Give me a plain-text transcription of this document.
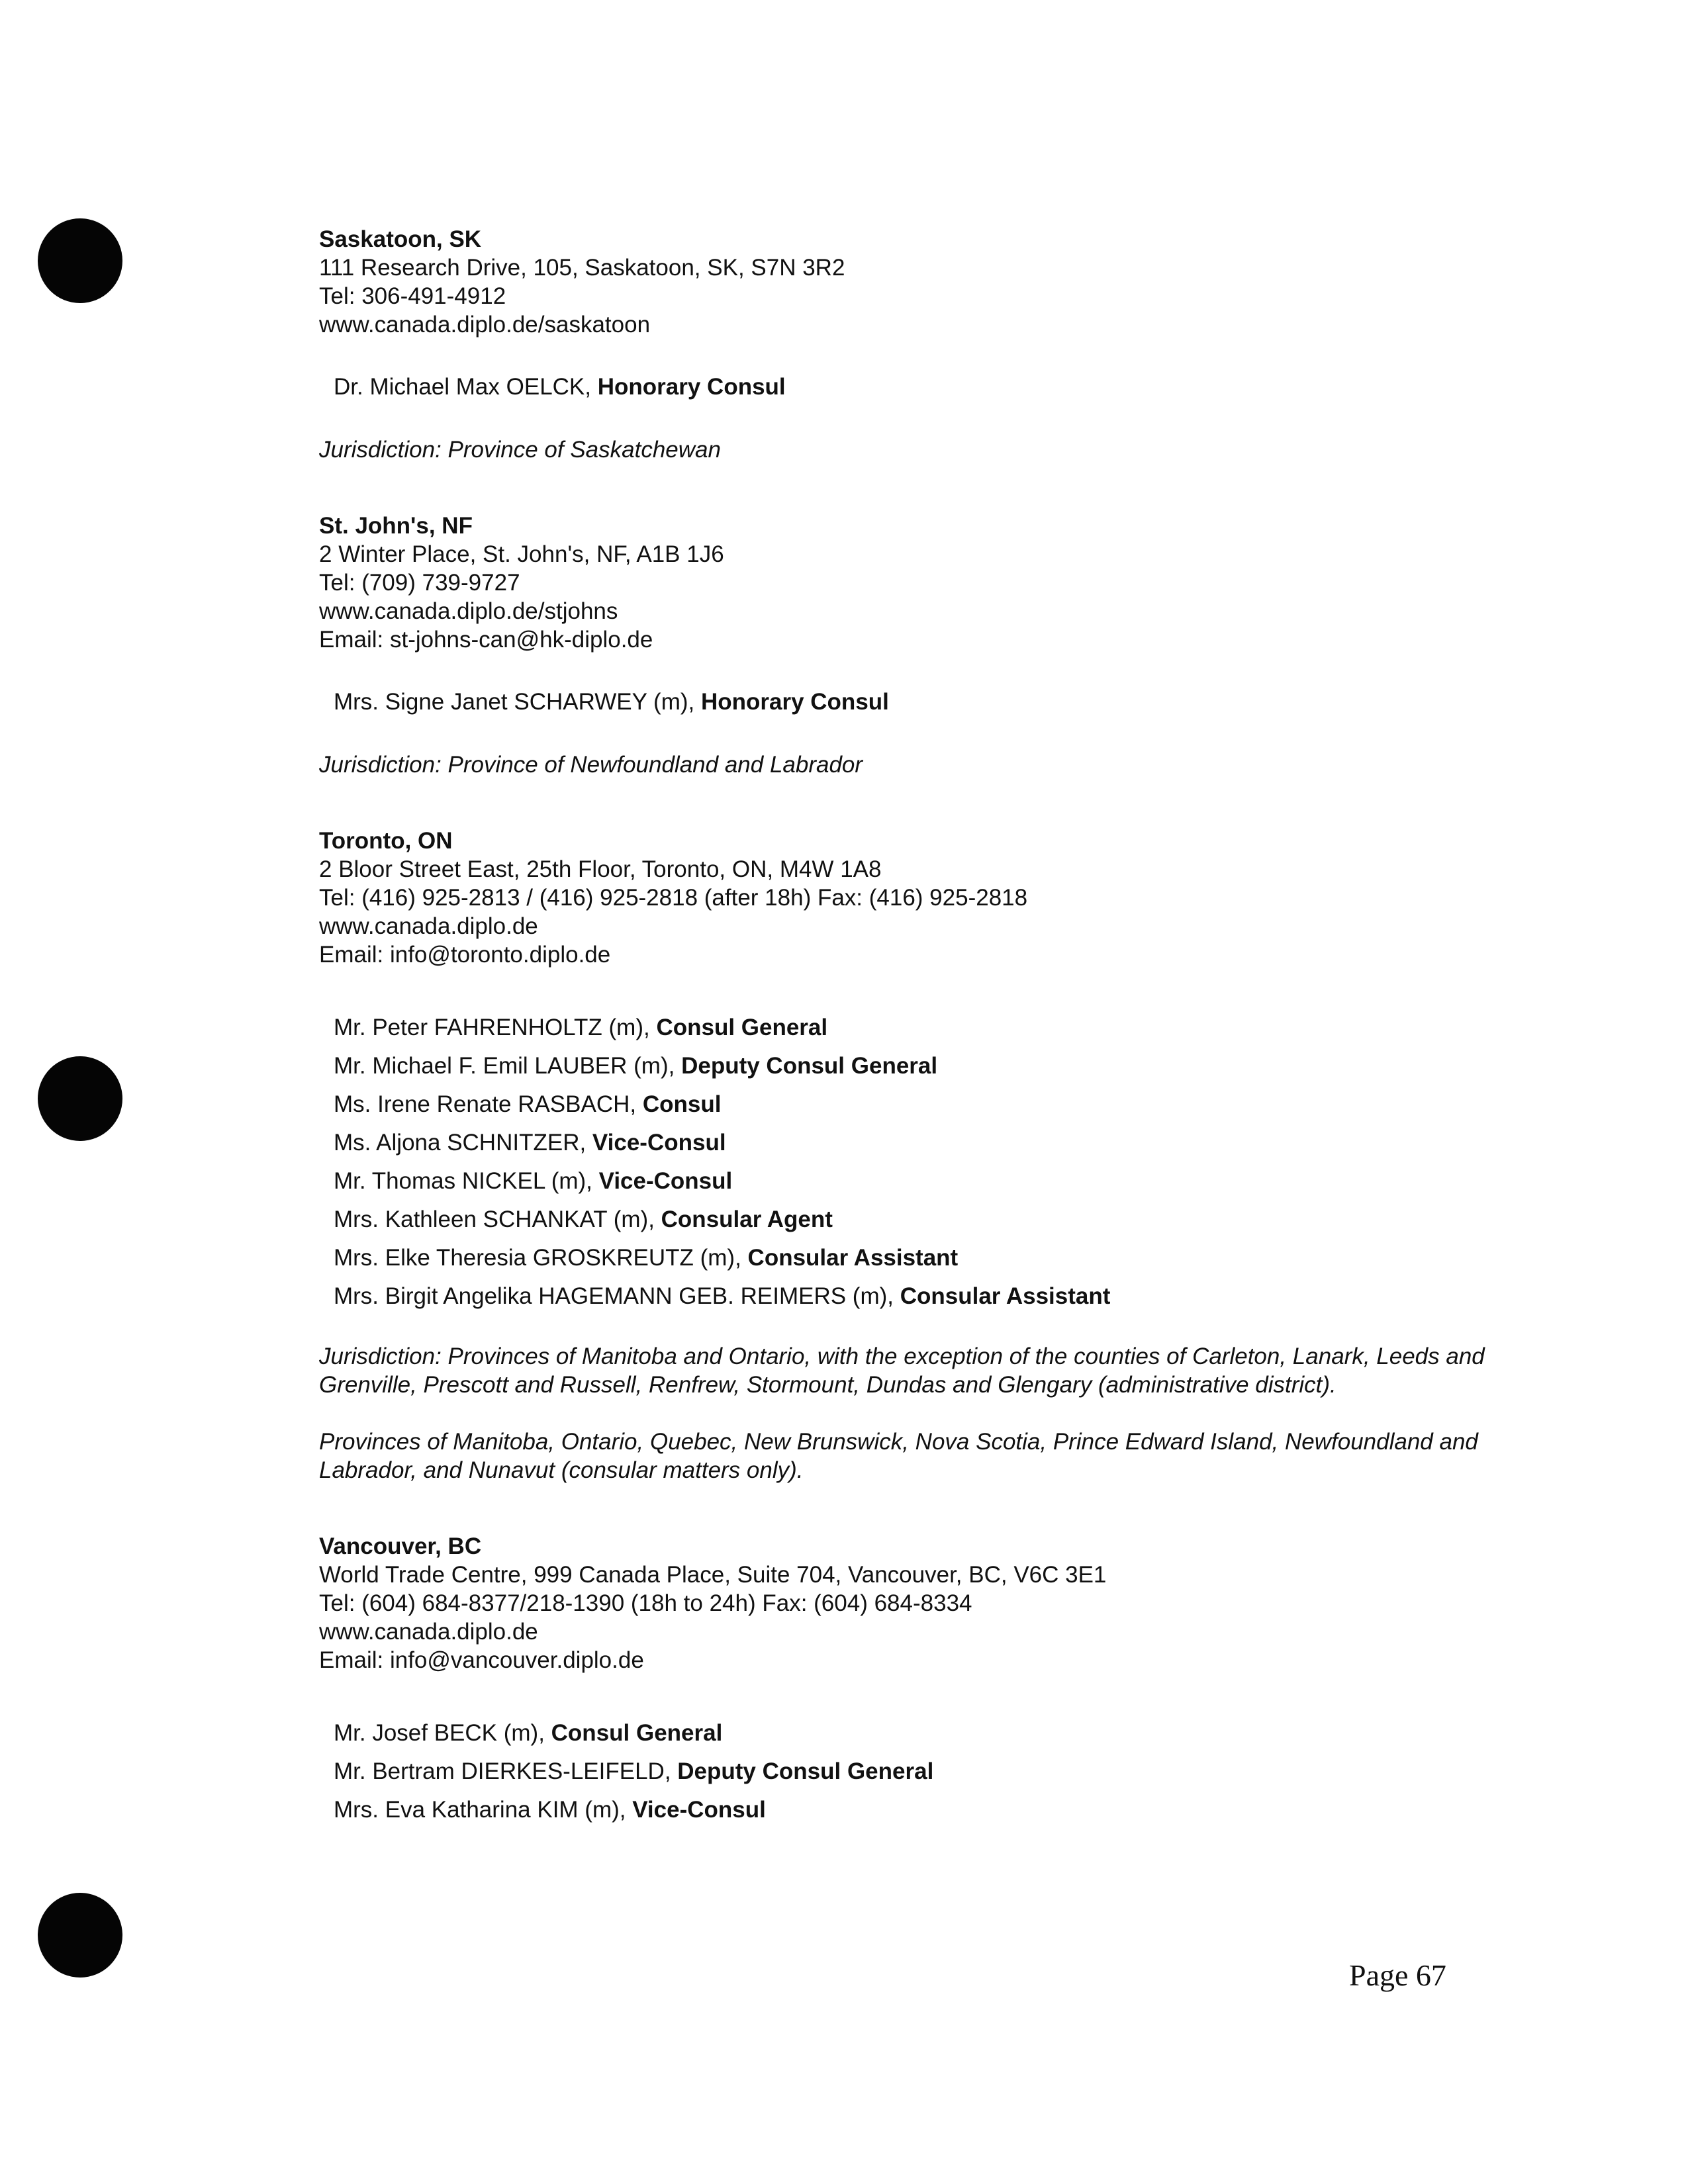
Saskatoon, SK
111 Research Drive, 105, Saskatoon, SK, S7N 3R2
Tel: 306-491-4912
www.canada.diplo.de/saskatoon
Dr. Michael Max OELCK, Honorary Consul
Jurisdiction: Province of Saskatchewan
St. John's, NF
2 Winter Place, St. John's, NF, A1B 1J6
Tel: (709) 739-9727
www.canada.diplo.de/stjohns
Email: st-johns-can@hk-diplo.de
Mrs. Signe Janet SCHARWEY (m), Honorary Consul
Jurisdiction: Province of Newfoundland and Labrador
Toronto, ON
2 Bloor Street East, 25th Floor, Toronto, ON, M4W 1A8
Tel: (416) 925-2813 / (416) 925-2818 (after 18h) Fax: (416) 925-2818
www.canada.diplo.de
Email: info@toronto.diplo.de
Mr. Peter FAHRENHOLTZ (m), Consul General
Mr. Michael F. Emil LAUBER (m), Deputy Consul General
Ms. Irene Renate RASBACH, Consul
Ms. Aljona SCHNITZER, Vice-Consul
Mr. Thomas NICKEL (m), Vice-Consul
Mrs. Kathleen SCHANKAT (m), Consular Agent
Mrs. Elke Theresia GROSKREUTZ (m), Consular Assistant
Mrs. Birgit Angelika HAGEMANN GEB. REIMERS (m), Consular Assistant
Jurisdiction: Provinces of Manitoba and Ontario, with the exception of the counties of Carleton, Lanark, Leeds and Grenville, Prescott and Russell, Renfrew, Stormount, Dundas and Glengary (administrative district).
Provinces of Manitoba, Ontario, Quebec, New Brunswick, Nova Scotia, Prince Edward Island, Newfoundland and Labrador, and Nunavut (consular matters only).
Vancouver, BC
World Trade Centre, 999 Canada Place, Suite 704, Vancouver, BC, V6C 3E1
Tel: (604) 684-8377/218-1390 (18h to 24h) Fax: (604) 684-8334
www.canada.diplo.de
Email: info@vancouver.diplo.de
Mr. Josef BECK (m), Consul General
Mr. Bertram DIERKES-LEIFELD, Deputy Consul General
Mrs. Eva Katharina KIM (m), Vice-Consul
Page 67
